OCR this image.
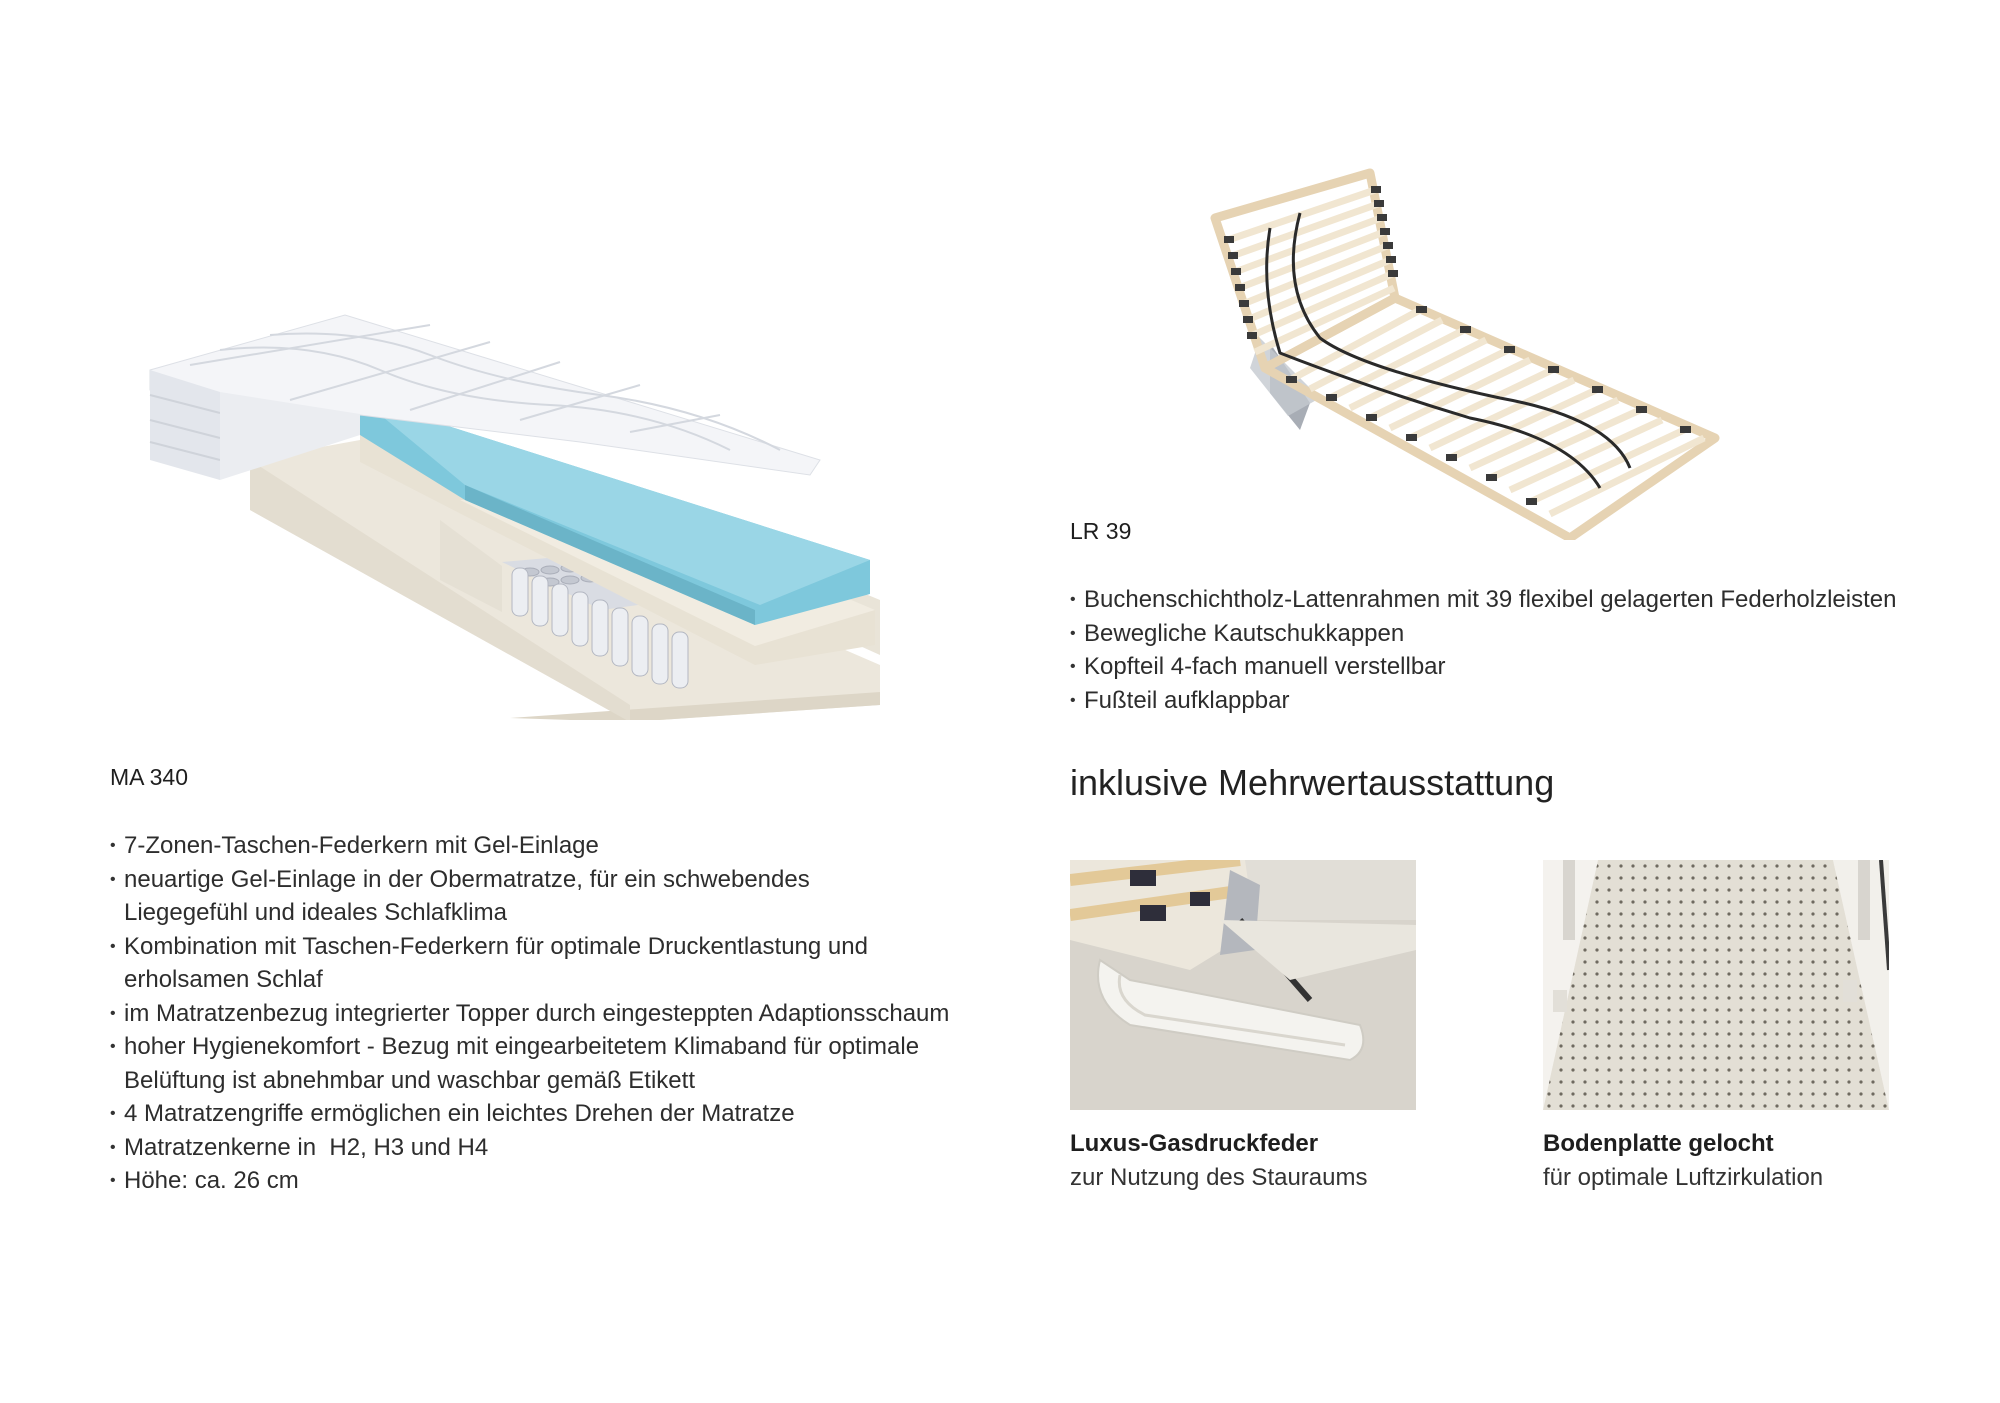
MA 340
• 7-Zonen-Taschen-Federkern mit Gel-Einlage
• neuartige Gel-Einlage in der Obermatratze, für ein schwebendes Liegegefühl und ideales Schlafklima
• Kombination mit Taschen-Federkern für optimale Druckentlastung und erholsamen Schlaf
• im Matratzenbezug integrierter Topper durch eingesteppten Adaptionsschaum
• hoher Hygienekomfort - Bezug mit eingearbeitetem Klimaband für optimale Belüftung ist abnehmbar und waschbar gemäß Etikett
• 4 Matratzengriffe ermöglichen ein leichtes Drehen der Matratze
• Matratzenkerne in  H2, H3 und H4
• Höhe: ca. 26 cm
LR 39
• Buchenschichtholz-Lattenrahmen mit 39 flexibel gelagerten Federholzleisten
• Bewegliche Kautschukkappen
• Kopfteil 4-fach manuell verstellbar
• Fußteil aufklappbar
inklusive Mehrwertausstattung
Luxus-Gasdruckfeder
zur Nutzung des Stauraums
Bodenplatte gelocht
für optimale Luftzirkulation
